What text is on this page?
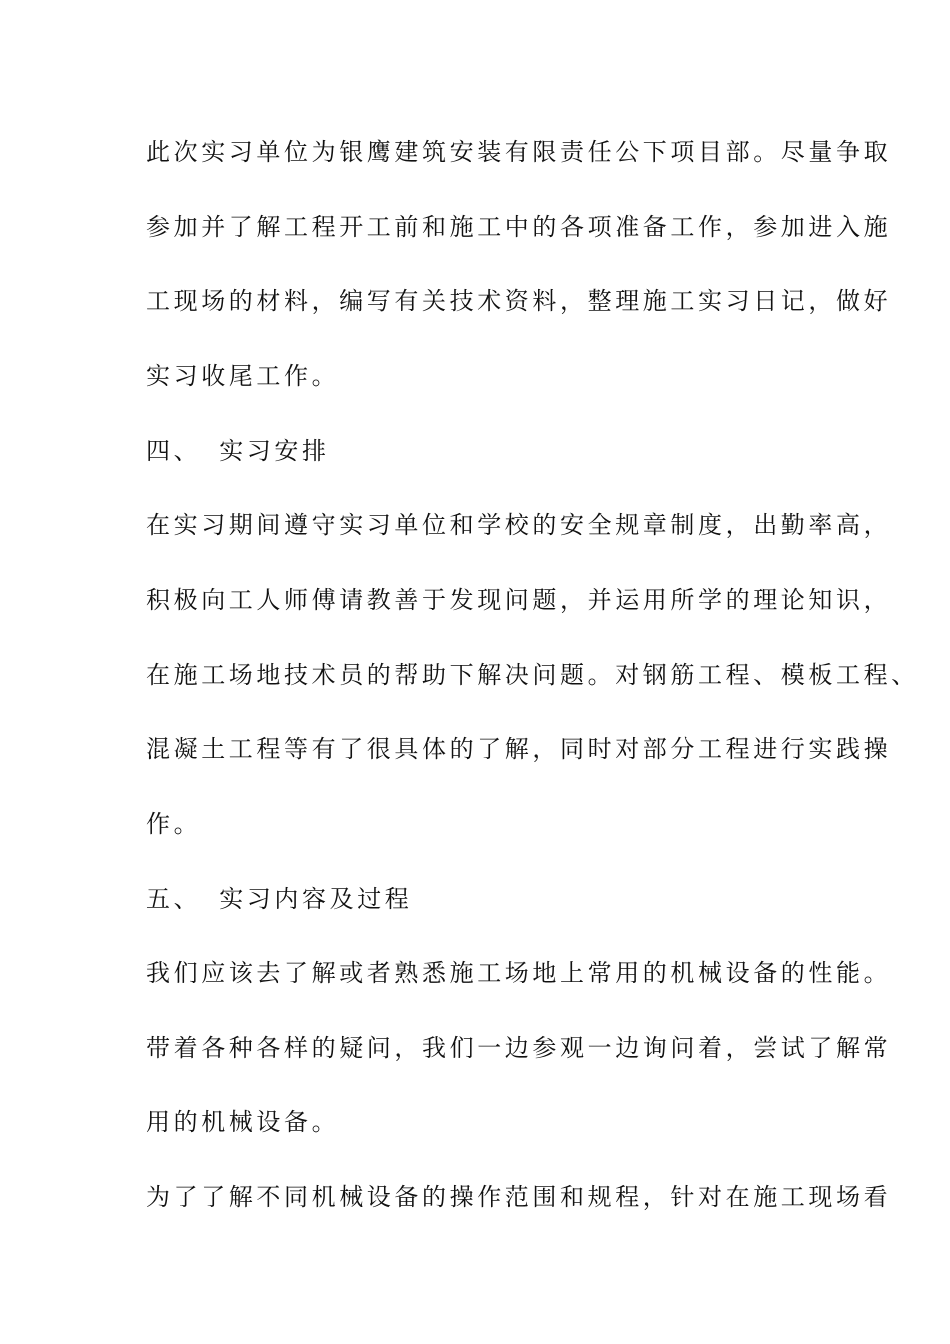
此次实习单位为银鹰建筑安装有限责任公下项目部。尽量争取
参加并了解工程开工前和施工中的各项准备工作，参加进入施
工现场的材料，编写有关技术资料，整理施工实习日记，做好
实习收尾工作。
四、 实习安排
在实习期间遵守实习单位和学校的安全规章制度，出勤率高，
积极向工人师傅请教善于发现问题，并运用所学的理论知识，
在施工场地技术员的帮助下解决问题。对钢筋工程、模板工程、
混凝土工程等有了很具体的了解，同时对部分工程进行实践操
作。
五、 实习内容及过程
我们应该去了解或者熟悉施工场地上常用的机械设备的性能。
带着各种各样的疑问，我们一边参观一边询问着，尝试了解常
用的机械设备。
为了了解不同机械设备的操作范围和规程，针对在施工现场看
